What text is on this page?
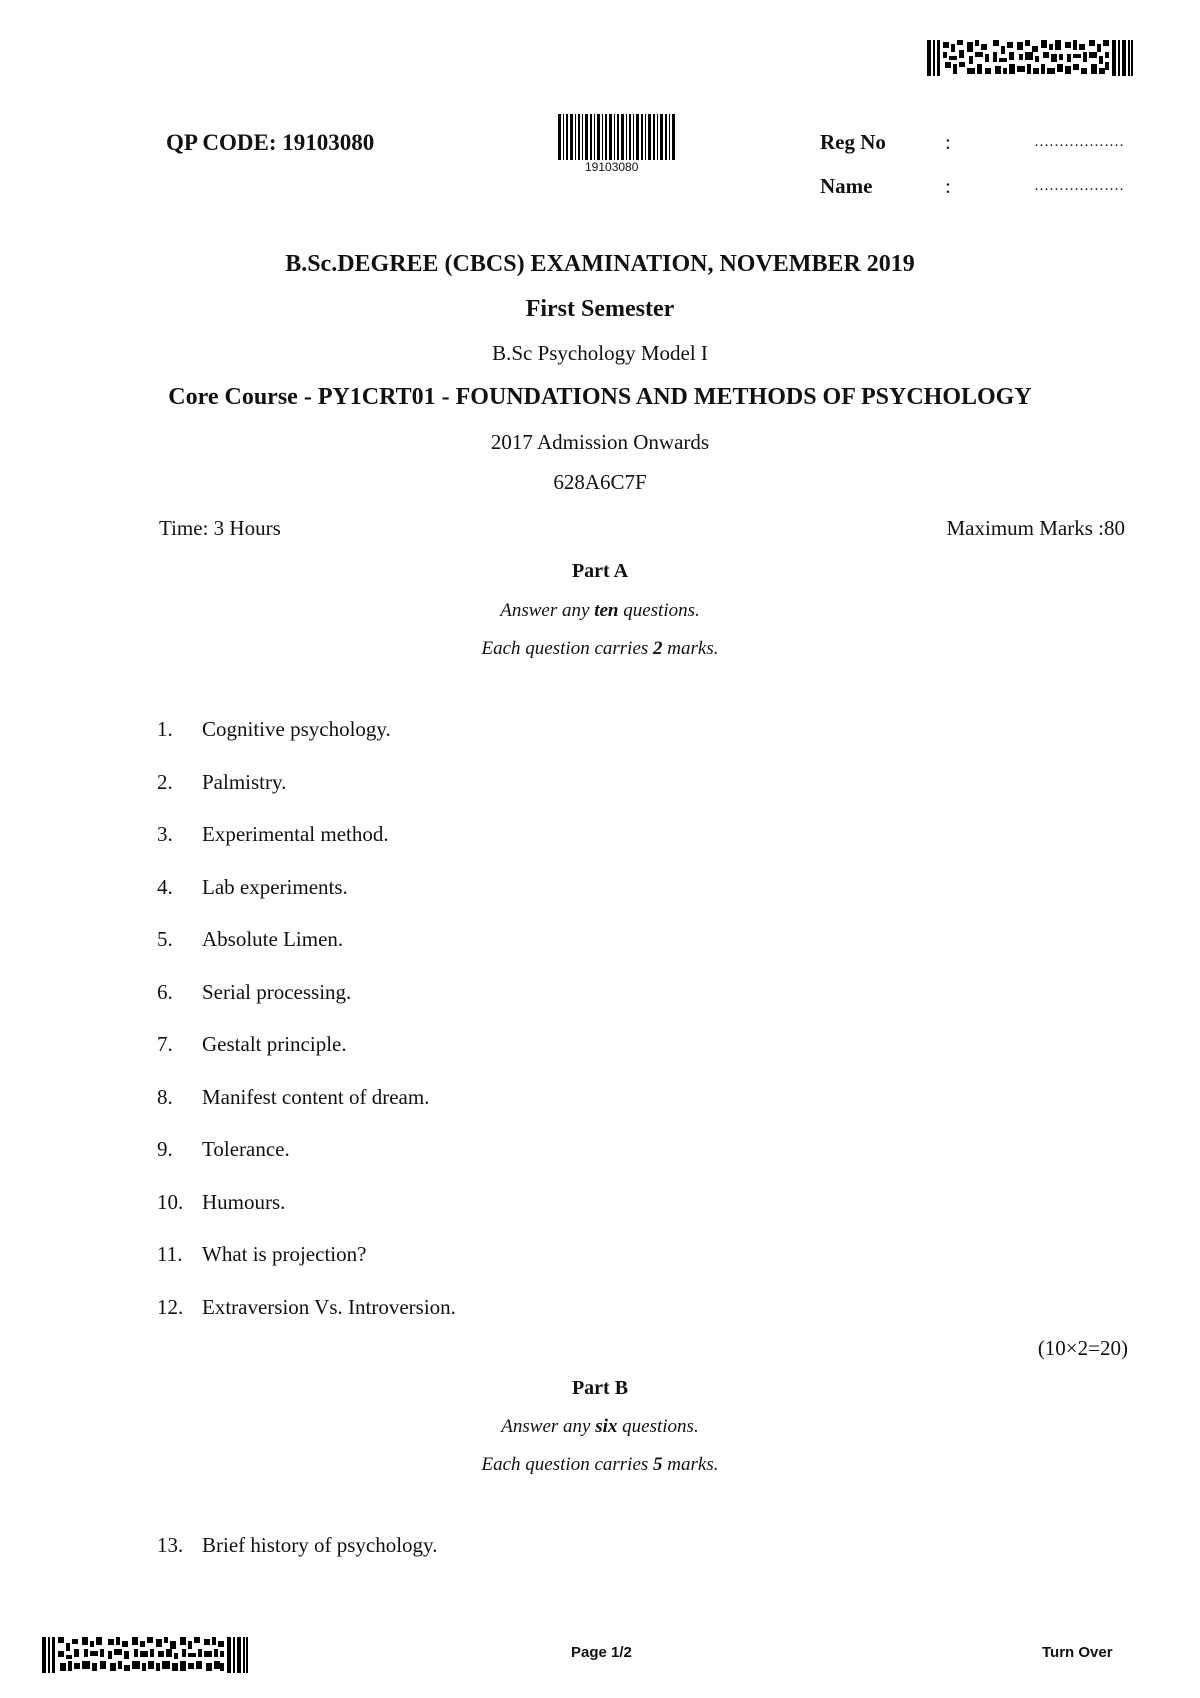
QP CODE: 19103080
19103080
Reg No	:	………………
Name	:	………………
B.Sc.DEGREE (CBCS) EXAMINATION, NOVEMBER 2019
First Semester
B.Sc Psychology Model I
Core Course - PY1CRT01 - FOUNDATIONS AND METHODS OF PSYCHOLOGY
2017 Admission Onwards
628A6C7F
Time: 3 Hours	Maximum Marks :80
Part A
Answer any ten questions.
Each question carries 2 marks.
1. Cognitive psychology.
2. Palmistry.
3. Experimental method.
4. Lab experiments.
5. Absolute Limen.
6. Serial processing.
7. Gestalt principle.
8. Manifest content of dream.
9. Tolerance.
10. Humours.
11. What is projection?
12. Extraversion Vs. Introversion.
(10×2=20)
Part B
Answer any six questions.
Each question carries 5 marks.
13. Brief history of psychology.
Page 1/2	Turn Over
